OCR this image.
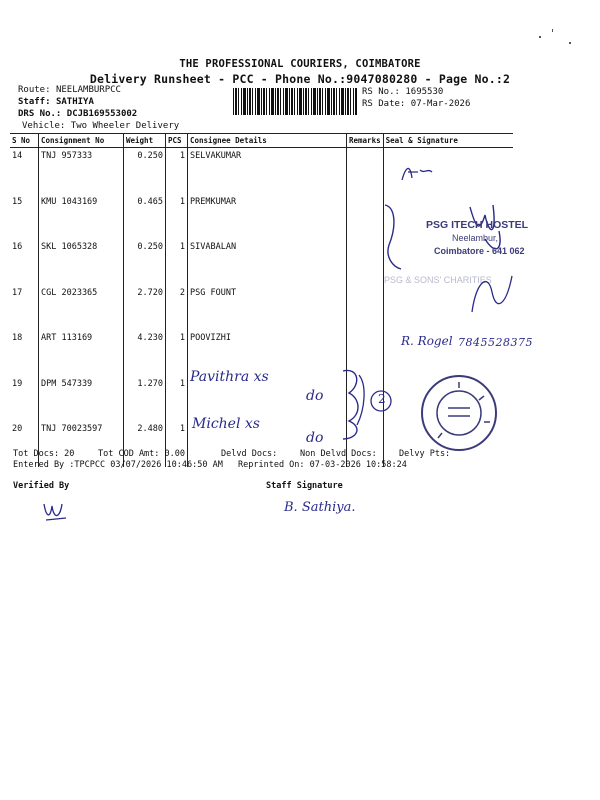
THE PROFESSIONAL COURIERS, COIMBATORE
Delivery Runsheet - PCC - Phone No.:9047080280 - Page No.:2
Route: NEELAMBURPCC
Staff: SATHIYA
DRS No.: DCJB169553002
Vehicle: Two Wheeler Delivery
RS No.: 1695530
RS Date: 07-Mar-2026
S No	Consignment No	Weight	PCS	Consignee Details	Remarks	Seal & Signature
14	TNJ 957333	0.250	1	SELVAKUMAR		
15	KMU 1043169	0.465	1	PREMKUMAR		
16	SKL 1065328	0.250	1	SIVABALAN		
17	CGL 2023365	2.720	2	PSG FOUNT		
18	ART 113169	4.230	1	POOVIZHI		
19	DPM 547339	1.270	1			
20	TNJ 70023597	2.480	1			
PSG ITECH HOSTEL
Neelambur,
Coimbatore - 641 062
PSG & SONS' CHARITIES
R. Rogel 7845528375
Pavithra xs
do
Michel xs
do
2
Tot Docs: 20	Tot COD Amt: 0.00	Delvd Docs:	Non Delvd Docs:	Delvy Pts:
Entered By :TPCPCC 03/07/2026 10:46:50 AM Reprinted On: 07-03-2026 10:58:24
Verified By	Staff Signature
B. Sathiya.
